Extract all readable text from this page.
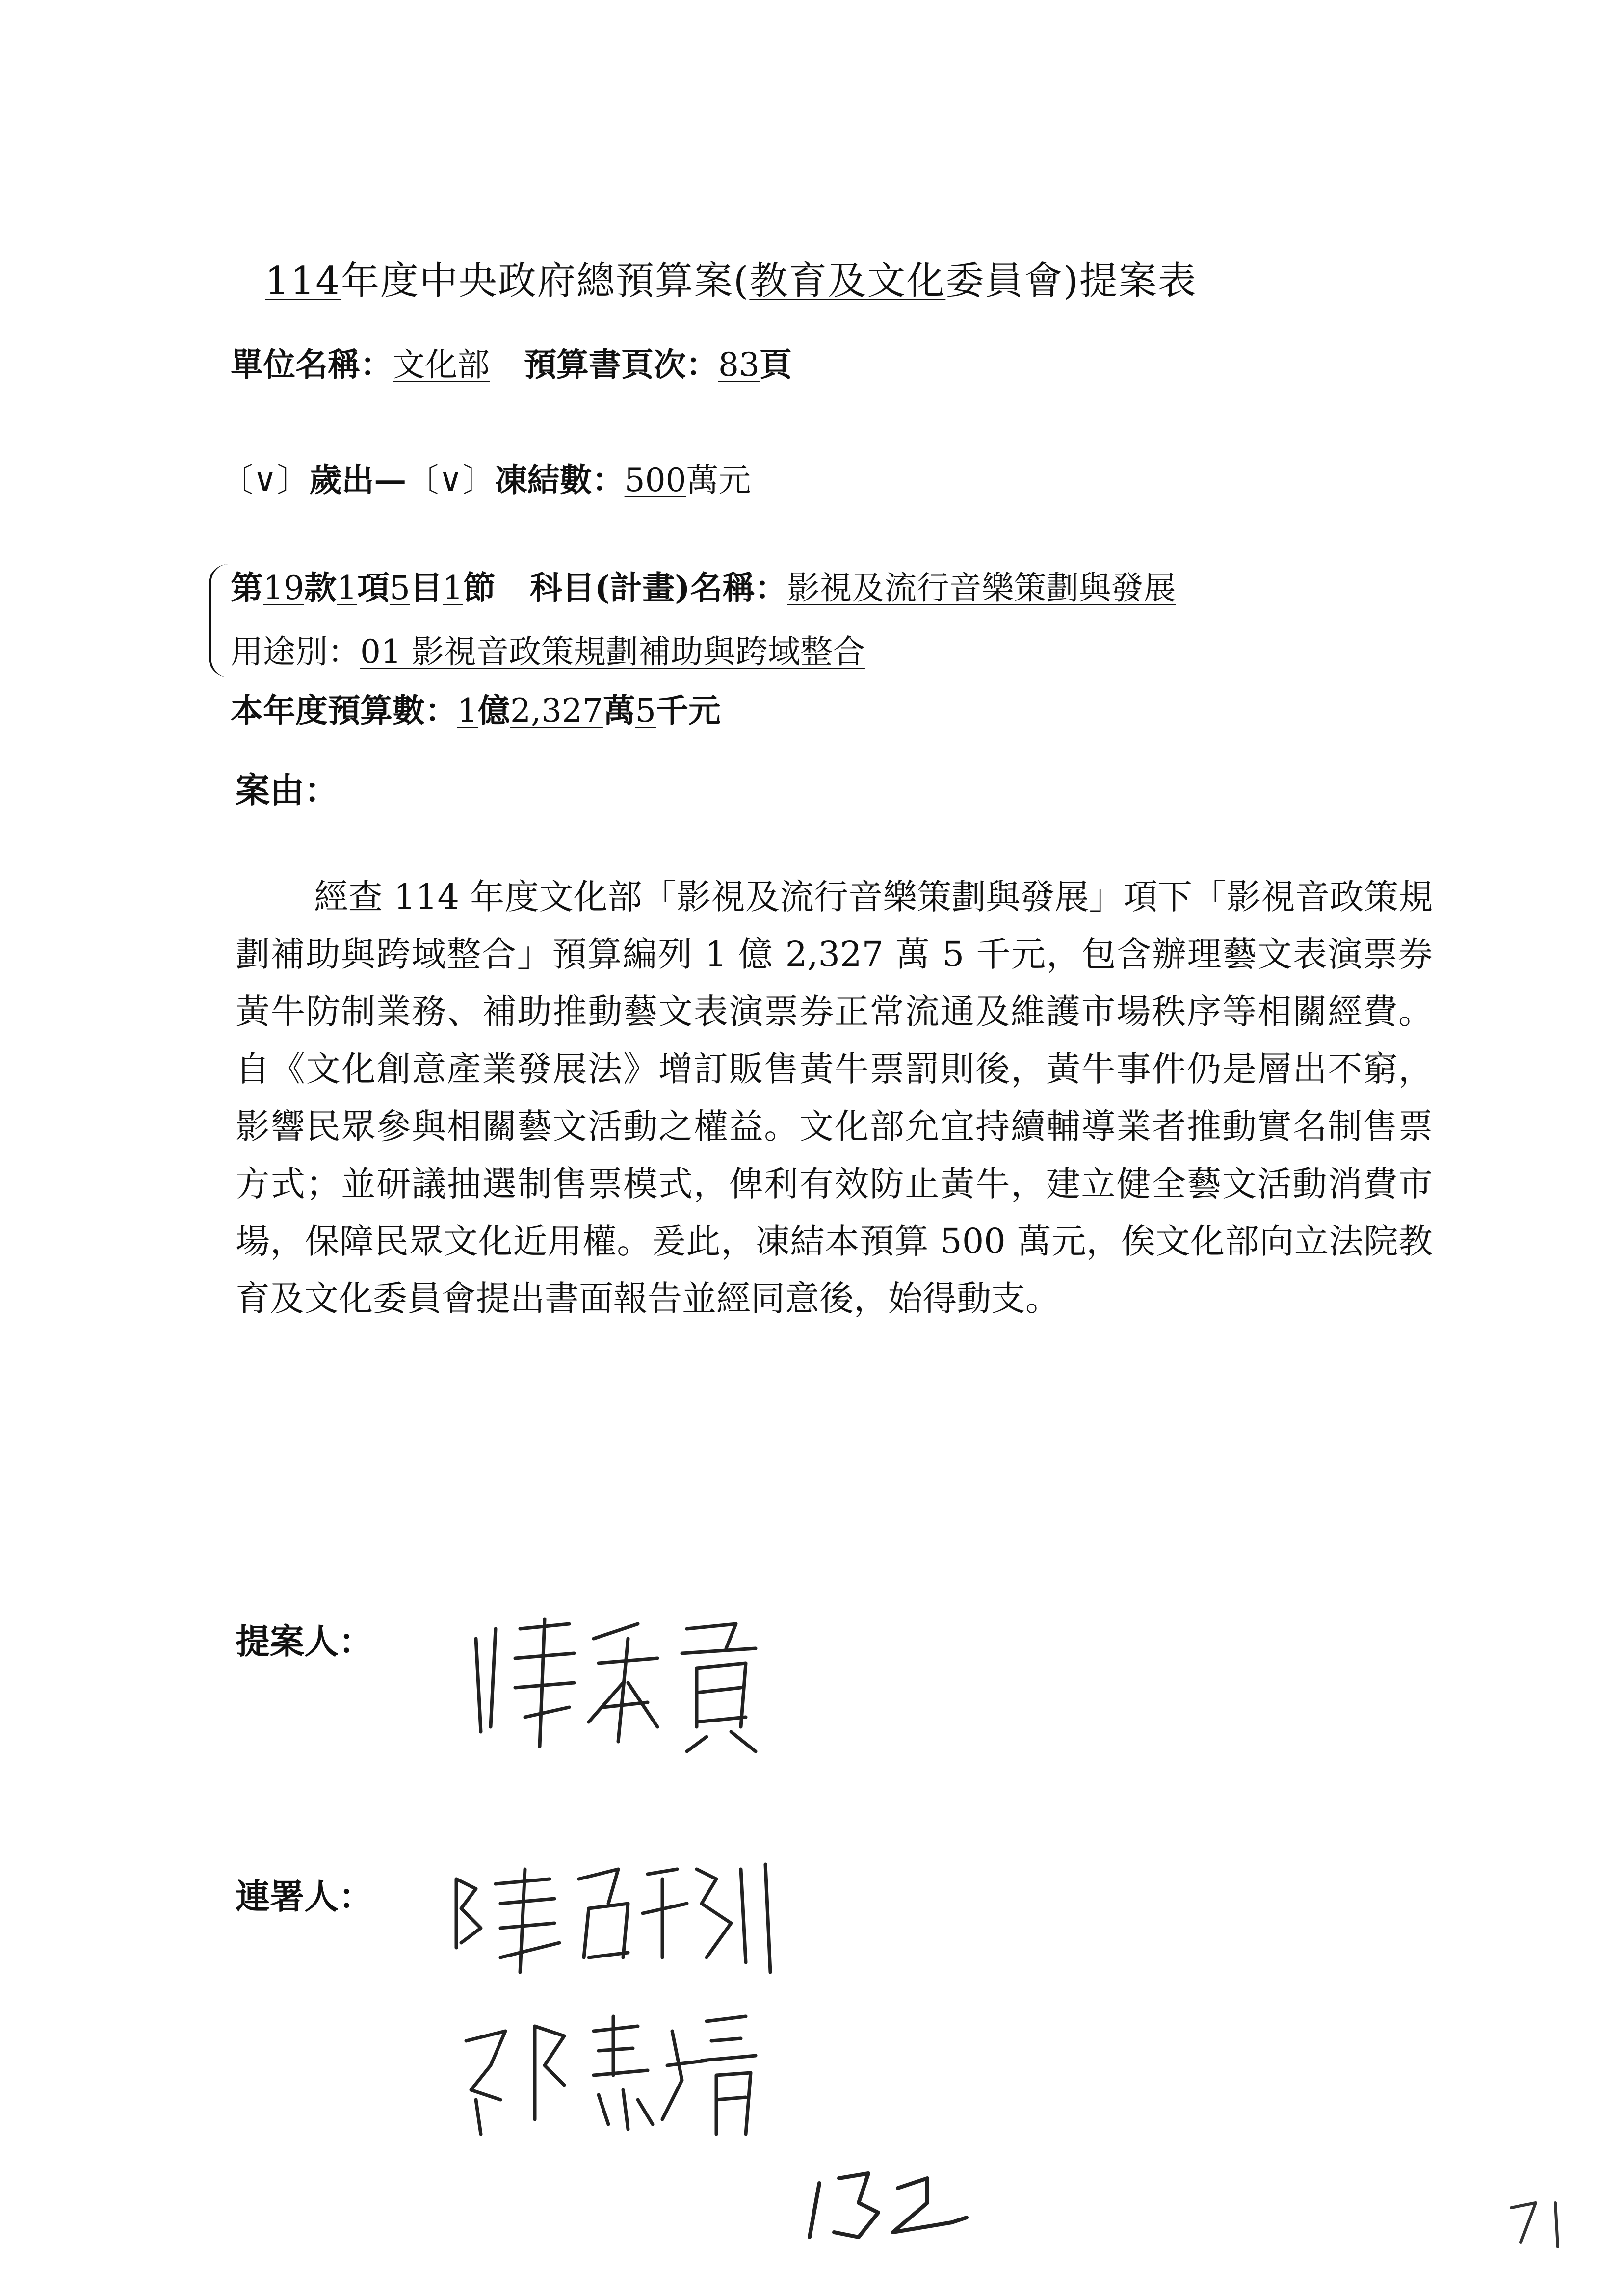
114年度中央政府總預算案(教育及文化委員會)提案表
單位名稱：文化部 預算書頁次：83頁
〔∨〕歲出—〔∨〕凍結數：500萬元
第19款1項5目1節 科目(計畫)名稱：影視及流行音樂策劃與發展
用途別：01 影視音政策規劃補助與跨域整合
本年度預算數：1億2,327萬5千元
案由：

經查 114 年度文化部「影視及流行音樂策劃與發展」項下「影視音政策規劃補助與跨域整合」預算編列 1 億 2,327 萬 5 千元，包含辦理藝文表演票券黃牛防制業務、補助推動藝文表演票券正常流通及維護市場秩序等相關經費。自《文化創意產業發展法》增訂販售黃牛票罰則後，黃牛事件仍是層出不窮，影響民眾參與相關藝文活動之權益。文化部允宜持續輔導業者推動實名制售票方式；並研議抽選制售票模式，俾利有效防止黃牛，建立健全藝文活動消費市場，保障民眾文化近用權。爰此，凍結本預算 500 萬元，俟文化部向立法院教育及文化委員會提出書面報告並經同意後，始得動支。

提案人：
連署人：
